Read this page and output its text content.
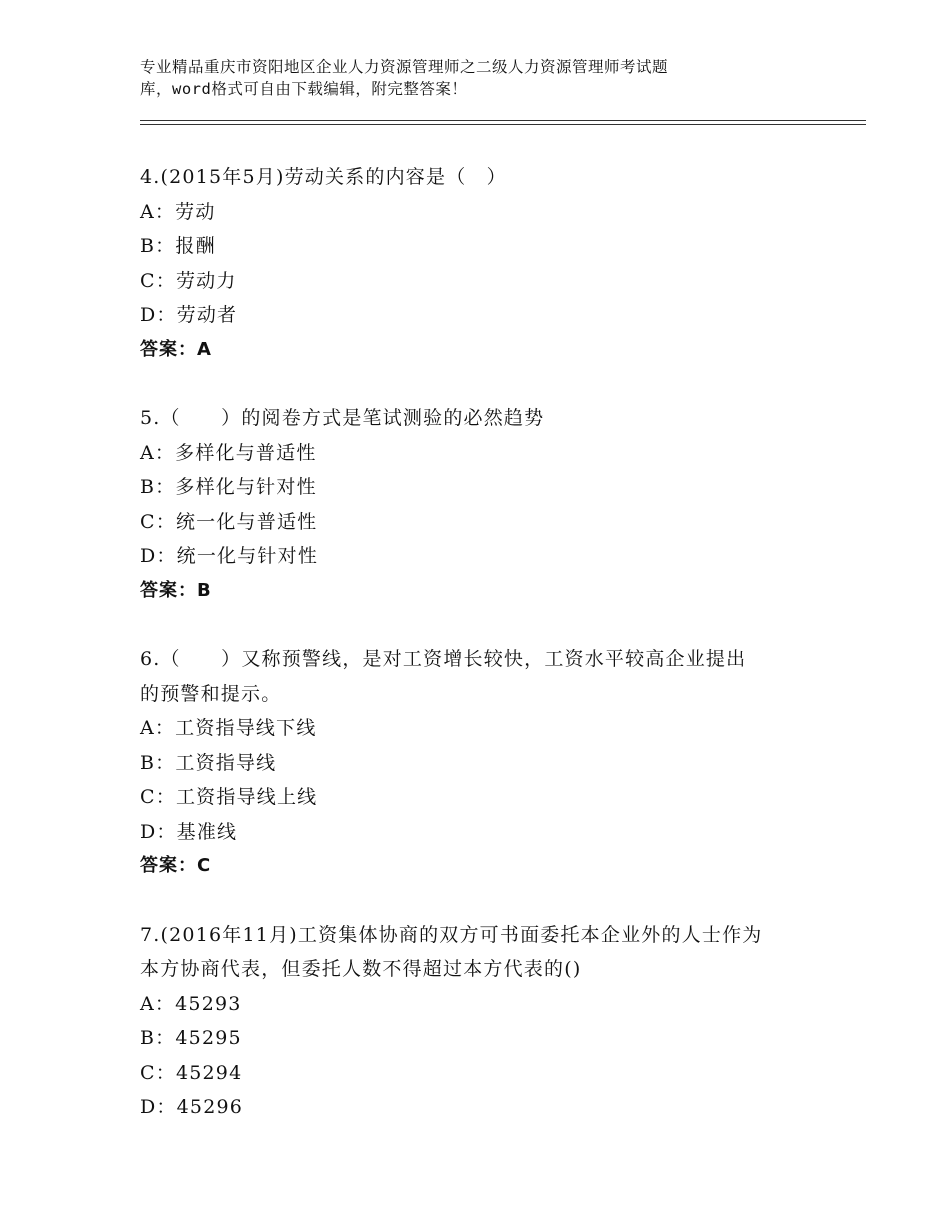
专业精品重庆市资阳地区企业人力资源管理师之二级人力资源管理师考试题
库，word格式可自由下载编辑，附完整答案！
4.(2015年5月)劳动关系的内容是（　）
A：劳动
B：报酬
C：劳动力
D：劳动者
答案：A
5.（　　）的阅卷方式是笔试测验的必然趋势
A：多样化与普适性
B：多样化与针对性
C：统一化与普适性
D：统一化与针对性
答案：B
6.（　　）又称预警线，是对工资增长较快，工资水平较高企业提出
的预警和提示。
A：工资指导线下线
B：工资指导线
C：工资指导线上线
D：基准线
答案：C
7.(2016年11月)工资集体协商的双方可书面委托本企业外的人士作为
本方协商代表，但委托人数不得超过本方代表的()
A：45293
B：45295
C：45294
D：45296
